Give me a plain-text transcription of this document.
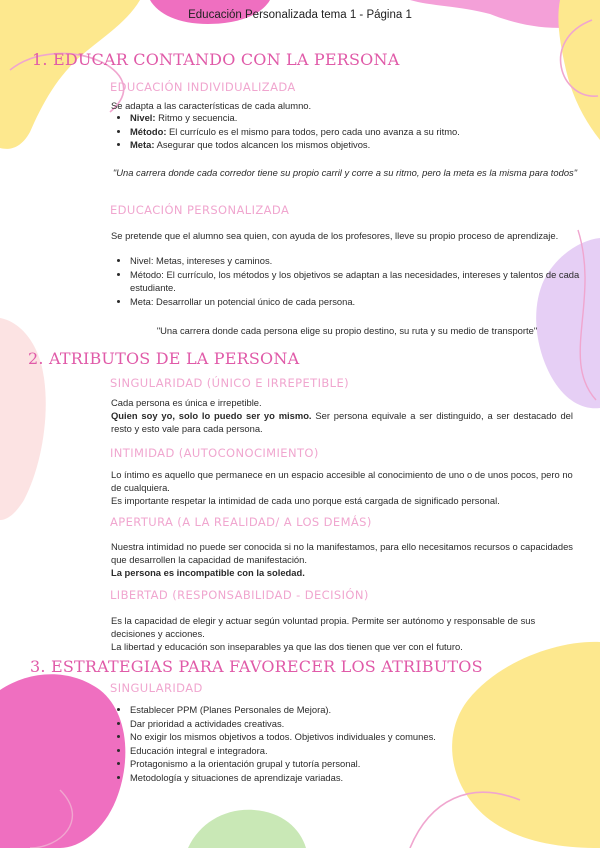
Educación Personalizada tema 1 - Página 1
1. EDUCAR CONTANDO CON LA PERSONA
EDUCACIÓN INDIVIDUALIZADA
Se adapta a las características de cada alumno.
• Nivel: Ritmo y secuencia.
• Método: El currículo es el mismo para todos, pero cada uno avanza a su ritmo.
• Meta: Asegurar que todos alcancen los mismos objetivos.
"Una carrera donde cada corredor tiene su propio carril y corre a su ritmo, pero la meta es la misma para todos"
EDUCACIÓN PERSONALIZADA
Se pretende que el alumno sea quien, con ayuda de los profesores, lleve su propio proceso de aprendizaje.
• Nivel: Metas, intereses y caminos.
• Método: El currículo, los métodos y los objetivos se adaptan a las necesidades, intereses y talentos de cada estudiante.
• Meta: Desarrollar un potencial único de cada persona.
"Una carrera donde cada persona elige su propio destino, su ruta y su medio de transporte"
2. ATRIBUTOS DE LA PERSONA
SINGULARIDAD (ÚNICO E IRREPETIBLE)
Cada persona es única e irrepetible.
Quien soy yo, solo lo puedo ser yo mismo. Ser persona equivale a ser distinguido, a ser destacado del resto y esto vale para cada persona.
INTIMIDAD (AUTOCONOCIMIENTO)
Lo íntimo es aquello que permanece en un espacio accesible al conocimiento de uno o de unos pocos, pero no de cualquiera.
Es importante respetar la intimidad de cada uno porque está cargada de significado personal.
APERTURA (A LA REALIDAD/ A LOS DEMÁS)
Nuestra intimidad no puede ser conocida si no la manifestamos, para ello necesitamos recursos o capacidades que desarrollen la capacidad de manifestación.
La persona es incompatible con la soledad.
LIBERTAD (RESPONSABILIDAD - DECISIÓN)
Es la capacidad de elegir y actuar según voluntad propia. Permite ser autónomo y responsable de sus decisiones y acciones.
La libertad y educación son inseparables ya que las dos tienen que ver con el futuro.
3. ESTRATEGIAS PARA FAVORECER LOS ATRIBUTOS
SINGULARIDAD
• Establecer PPM (Planes Personales de Mejora).
• Dar prioridad a actividades creativas.
• No exigir los mismos objetivos a todos. Objetivos individuales y comunes.
• Educación integral e integradora.
• Protagonismo a la orientación grupal y tutoría personal.
• Metodología y situaciones de aprendizaje variadas.
